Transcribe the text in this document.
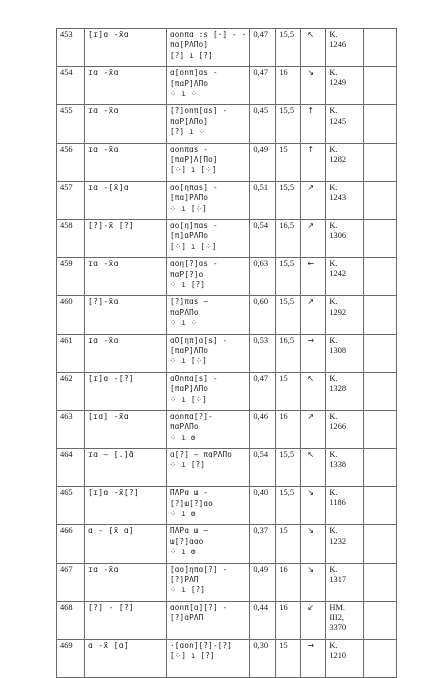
453	[ɪ]ɑ -x̃ɑ	ɑonπɑ :s [·] - ·
πɑ[PΛΠo]
[?] ı [?]	0,47	15,5	↖	K.
1246	

454	ɪɑ -x̃ɑ	ɑ[onπ]ɑs -
[πɑP]ΛΠo
⁘ ı ⁘	0,47	16	↘	K.
1249	

455	ɪɑ -x̃ɑ	[?]onπ[ɑs] -
πɑP[ΛΠo]
[?] ı ⁘	0,45	15,5	↑	K.
1245	

456	ɪɑ -x̃ɑ	ɑonπɑs -
[πɑP]Λ[Πo]
[⁘] ı [⁘]	0,49	15	↑	K.
1282	

457	ɪɑ -[x̃]ɑ	ɑo[ηπɑs] -
[πɑ]PΛΠo
⁘ ı [⁘]	0,51	15,5	↗	K.
1243	

458	[?]-x̃ [?]	ɑo[η]πɑs -
[π]ɑPΛΠo
[⁘] ı [⁘]	0,54	16,5	↗	K.
1306	

459	ɪɑ -x̃ɑ	ɑoη[?]ɑs -
πɑP[?]o
⁘ ı [?]	0,63	15,5	←	K.
1242	

460	[?]-x̃ɑ	[?]πɑs –
πɑPΛΠo
⁘ ı ⁘	0,60	15,5	↗	K.
1292	

461	ɪɑ -x̃ɑ	ɑO[ηπ]ɑ[s] -
[πɑP]ΛΠo
⁘ ı [⁘]	0,53	16,5	→	K.
1308	

462	[ɪ]ɑ -[?]	ɑOnπɑ[s] -
[πɑP]ΛΠo
⁘ ı [⁘]	0,47	15	↖	K.
1328	

463	[ɪɑ] -x̃ɑ	ɑonπɑ[?]-
πɑPΛΠo
⁘ ı ⚙	0,46	16	↗	K.
1266	

464	ɪɑ – [.]ɑ̃	ɑ[?] – πɑPΛΠo
⁘ ı [?]	0,54	15,5	↖	K.
1338	

465	[ɪ]ɑ -x̃[?]	ΠΛPɑ ɯ -
[?]ɯ[?]ɑo
⁘ ı ⚙	0,40	15,5	↘	K.
1186	

466	ɑ - [x̃ ɑ]	ΠΛPɑ ɯ –
ɯ[?]ɑɑo
⁘ ı ⚙	0,37	15	↘	K.
1232	

467	ɪɑ -x̃ɑ	[ɑo]ηπɑ[?] -
[?]PΛΠ
⁘ ı [?]	0,49	16	↘	K.
1317	

468	[?] - [?]	ɑonπ[ɑ][?] -
[?]ɑPΛΠ	0,44	16	↙	НМ.
III2,
3370	

469	ɑ -x̃ [ɑ]	·[ɑon][?]-[?]
[⁘] ı [?]	0,30	15	→	K.
1210	
